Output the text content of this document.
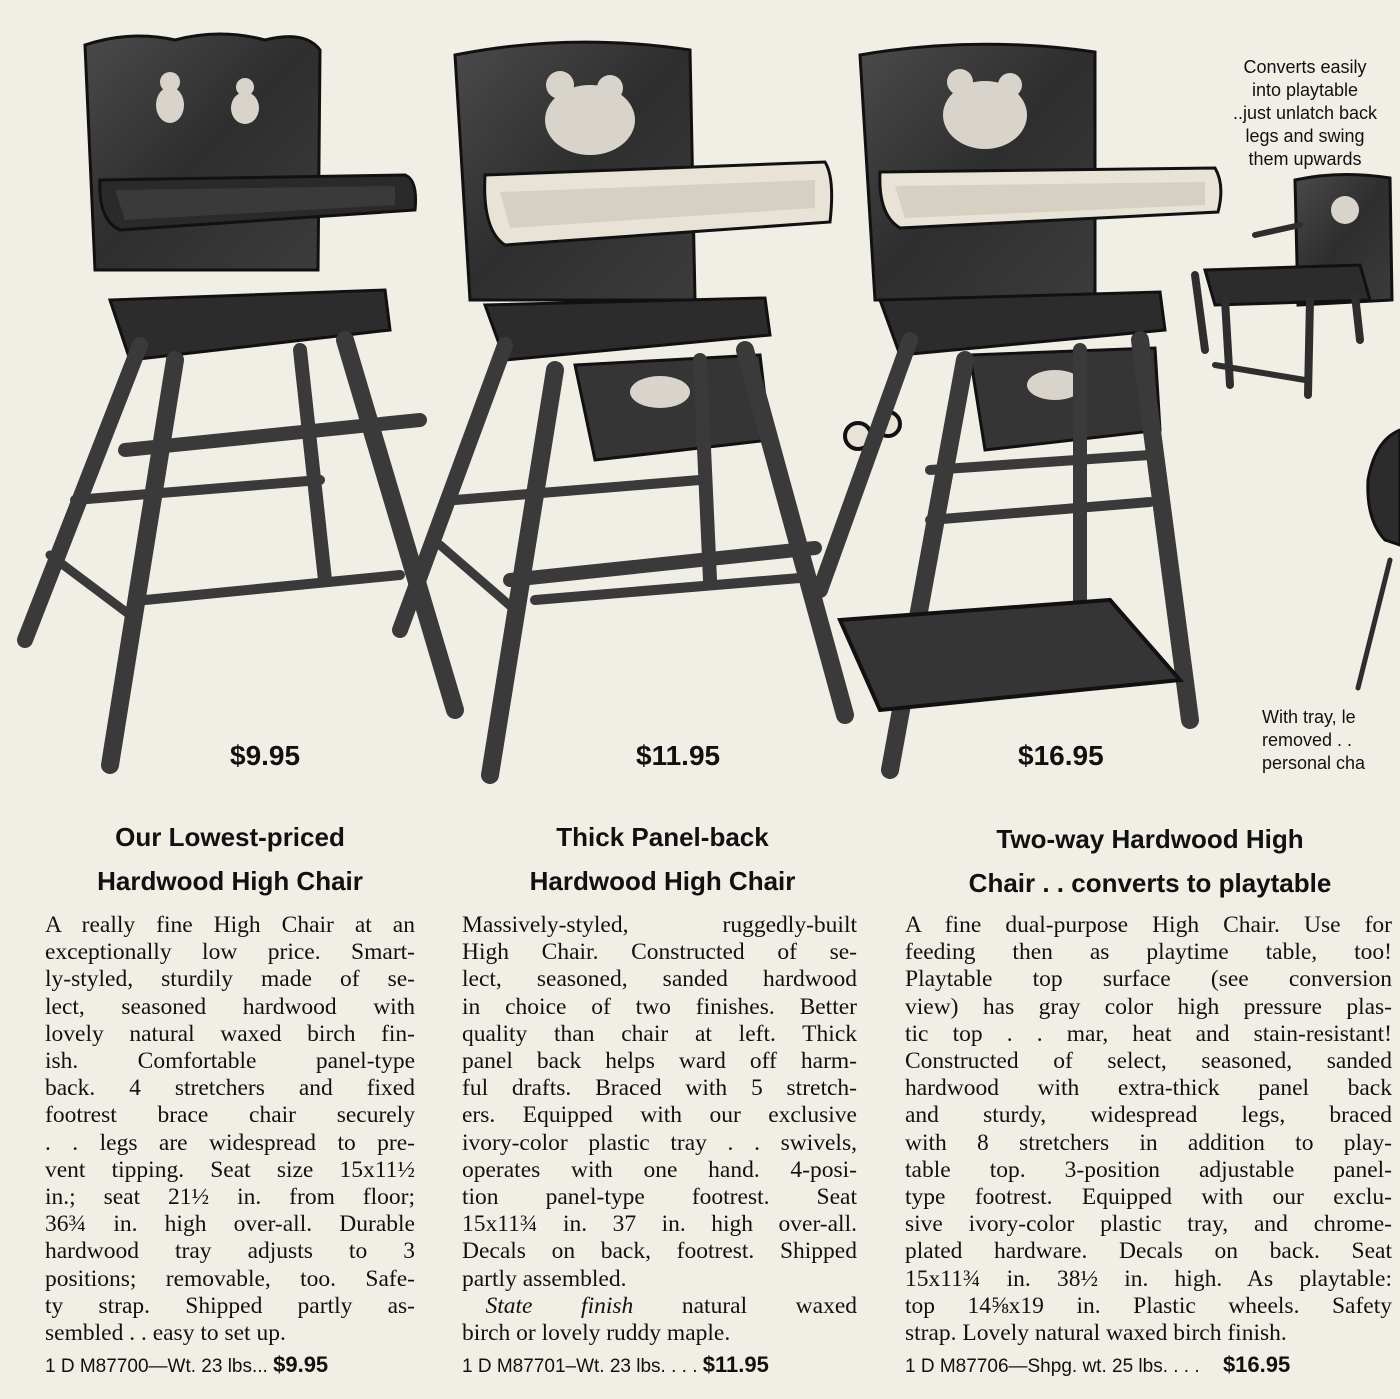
Converts easily
into playtable
..just unlatch back
legs and swing
them upwards
With tray, le
removed . .
personal cha
$9.95	$11.95	$16.95
Our Lowest-priced
Hardwood High Chair
Thick Panel-back
Hardwood High Chair
Two-way Hardwood High
Chair . . converts to playtable
A really fine High Chair at an
exceptionally low price. Smart-
ly-styled, sturdily made of se-
lect, seasoned hardwood with
lovely natural waxed birch fin-
ish. Comfortable panel-type
back. 4 stretchers and fixed
footrest brace chair securely
. . legs are widespread to pre-
vent tipping. Seat size 15x11½
in.; seat 21½ in. from floor;
36¾ in. high over-all. Durable
hardwood tray adjusts to 3
positions; removable, too. Safe-
ty strap. Shipped partly as-
sembled . . easy to set up.
Massively-styled, ruggedly-built
High Chair. Constructed of se-
lect, seasoned, sanded hardwood
in choice of two finishes. Better
quality than chair at left. Thick
panel back helps ward off harm-
ful drafts. Braced with 5 stretch-
ers. Equipped with our exclusive
ivory-color plastic tray . . swivels,
operates with one hand. 4-posi-
tion panel-type footrest. Seat
15x11¾ in. 37 in. high over-all.
Decals on back, footrest. Shipped
partly assembled.
 State finish natural waxed
birch or lovely ruddy maple.
A fine dual-purpose High Chair. Use for
feeding then as playtime table, too!
Playtable top surface (see conversion
view) has gray color high pressure plas-
tic top . . mar, heat and stain-resistant!
Constructed of select, seasoned, sanded
hardwood with extra-thick panel back
and sturdy, widespread legs, braced
with 8 stretchers in addition to play-
table top. 3-position adjustable panel-
type footrest. Equipped with our exclu-
sive ivory-color plastic tray, and chrome-
plated hardware. Decals on back. Seat
15x11¾ in. 38½ in. high. As playtable:
top 14⅝x19 in. Plastic wheels. Safety
strap. Lovely natural waxed birch finish.
1 D M87700—Wt. 23 lbs... $9.95	1 D M87701–Wt. 23 lbs. . . . $11.95	1 D M87706—Shpg. wt. 25 lbs. . . . $16.95
